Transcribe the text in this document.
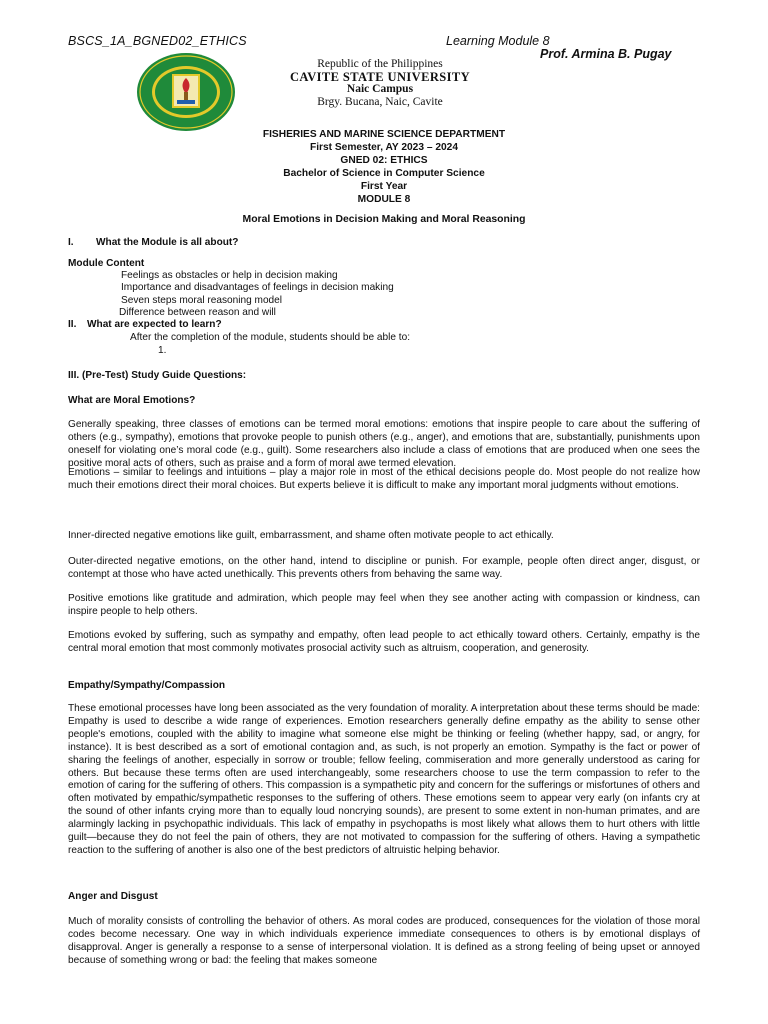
BSCS_1A_BGNED02_ETHICS	Learning Module 8
Prof. Armina B. Pugay
Republic of the Philippines
CAVITE STATE UNIVERSITY
Naic Campus
Brgy. Bucana, Naic, Cavite
FISHERIES AND MARINE SCIENCE DEPARTMENT
First Semester, AY 2023 – 2024
GNED 02: ETHICS
Bachelor of Science in Computer Science
First Year
MODULE 8
Moral Emotions in Decision Making and Moral Reasoning
I. What the Module is all about?
Module Content
Feelings as obstacles or help in decision making
Importance and disadvantages of feelings in decision making
Seven steps moral reasoning model
Difference between reason and will
II. What are expected to learn?
After the completion of the module, students should be able to:
1.
III. (Pre-Test) Study Guide Questions:
What are Moral Emotions?

Generally speaking, three classes of emotions can be termed moral emotions: emotions that inspire people to care about the suffering of others (e.g., sympathy), emotions that provoke people to punish others (e.g., anger), and emotions that are, substantially, punishments upon oneself for violating one’s moral code (e.g., guilt). Some researchers also include a class of emotions that are produced when one sees the positive moral acts of others, such as praise and a form of moral awe termed elevation.

Emotions – similar to feelings and intuitions – play a major role in most of the ethical decisions people do. Most people do not realize how much their emotions direct their moral choices. But experts believe it is difficult to make any important moral judgments without emotions.

Inner-directed negative emotions like guilt, embarrassment, and shame often motivate people to act ethically.

Outer-directed negative emotions, on the other hand, intend to discipline or punish. For example, people often direct anger, disgust, or contempt at those who have acted unethically. This prevents others from behaving the same way.

Positive emotions like gratitude and admiration, which people may feel when they see another acting with compassion or kindness, can inspire people to help others.

Emotions evoked by suffering, such as sympathy and empathy, often lead people to act ethically toward others. Certainly, empathy is the central moral emotion that most commonly motivates prosocial activity such as altruism, cooperation, and generosity.

Empathy/Sympathy/Compassion

These emotional processes have long been associated as the very foundation of morality. A interpretation about these terms should be made: Empathy is used to describe a wide range of experiences. Emotion researchers generally define empathy as the ability to sense other people's emotions, coupled with the ability to imagine what someone else might be thinking or feeling (whether happy, sad, or angry, for instance). It is best described as a sort of emotional contagion and, as such, is not properly an emotion. Sympathy is the fact or power of sharing the feelings of another, especially in sorrow or trouble; fellow feeling, commiseration and more generally understood as caring for others. But because these terms often are used interchangeably, some researchers choose to use the term compassion to refer to the emotion of caring for the suffering of others. This compassion is a sympathetic pity and concern for the sufferings or misfortunes of others and often motivated by empathic/sympathetic responses to the suffering of others. These emotions seem to appear very early (on infants cry at the sound of other infants crying more than to equally loud noncrying sounds), are present to some extent in non-human primates, and are alarmingly lacking in psychopathic individuals. This lack of empathy in psychopaths is most likely what allows them to hurt others with little guilt—because they do not feel the pain of others, they are not motivated to compassion for the suffering of others. Having a sympathetic reaction to the suffering of another is also one of the best predictors of altruistic helping behavior.

Anger and Disgust

Much of morality consists of controlling the behavior of others. As moral codes are produced, consequences for the violation of those moral codes become necessary. One way in which individuals experience immediate consequences to others is by emotional displays of disapproval. Anger is generally a response to a sense of interpersonal violation. It is defined as a strong feeling of being upset or annoyed because of something wrong or bad: the feeling that makes someone
